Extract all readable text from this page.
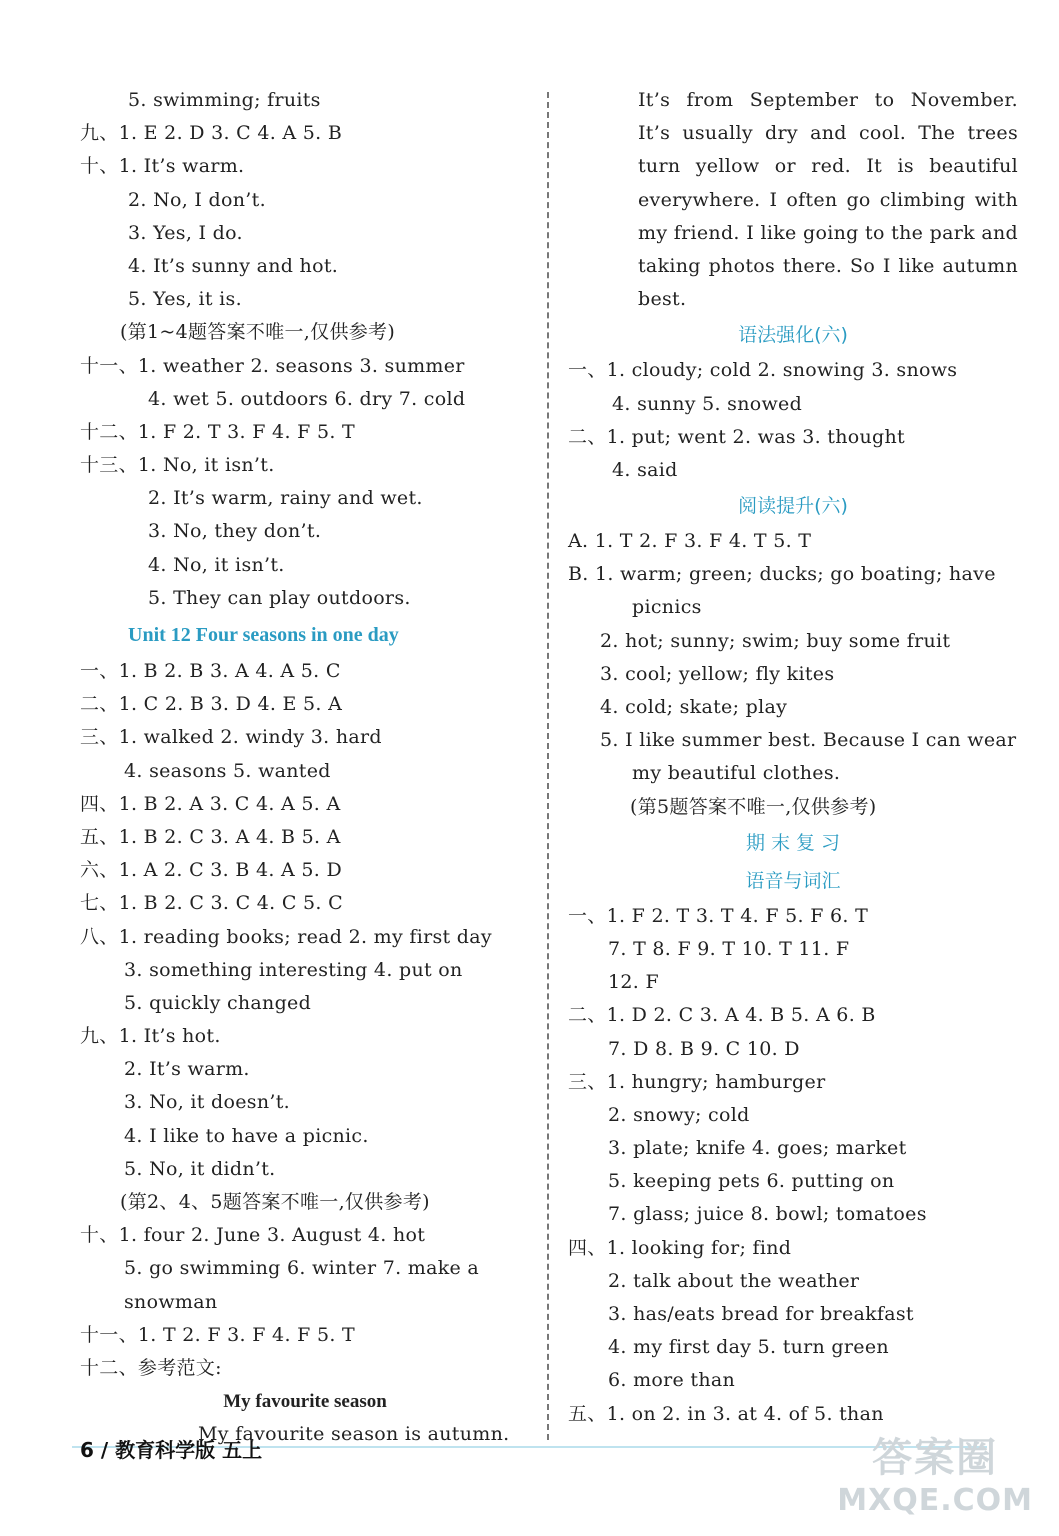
5. swimming; fruits
九、1. E 2. D 3. C 4. A 5. B
十、1. It’s warm.
2. No, I don’t.
3. Yes, I do.
4. It’s sunny and hot.
5. Yes, it is.
(第1~4题答案不唯一,仅供参考)
十一、1. weather 2. seasons 3. summer
4. wet 5. outdoors 6. dry 7. cold
十二、1. F 2. T 3. F 4. F 5. T
十三、1. No, it isn’t.
2. It’s warm, rainy and wet.
3. No, they don’t.
4. No, it isn’t.
5. They can play outdoors.
Unit 12 Four seasons in one day
一、1. B 2. B 3. A 4. A 5. C
二、1. C 2. B 3. D 4. E 5. A
三、1. walked 2. windy 3. hard
4. seasons 5. wanted
四、1. B 2. A 3. C 4. A 5. A
五、1. B 2. C 3. A 4. B 5. A
六、1. A 2. C 3. B 4. A 5. D
七、1. B 2. C 3. C 4. C 5. C
八、1. reading books; read 2. my first day
3. something interesting 4. put on
5. quickly changed
九、1. It’s hot.
2. It’s warm.
3. No, it doesn’t.
4. I like to have a picnic.
5. No, it didn’t.
(第2、4、5题答案不唯一,仅供参考)
十、1. four 2. June 3. August 4. hot
5. go swimming 6. winter 7. make a
snowman
十一、1. T 2. F 3. F 4. F 5. T
十二、参考范文:
My favourite season
My favourite season is autumn.
It’s from September to November.
It’s usually dry and cool. The trees
turn yellow or red. It is beautiful
everywhere. I often go climbing with
my friend. I like going to the park and
taking photos there. So I like autumn
best.
语法强化(六)
一、1. cloudy; cold 2. snowing 3. snows
4. sunny 5. snowed
二、1. put; went 2. was 3. thought
4. said
阅读提升(六)
A. 1. T 2. F 3. F 4. T 5. T
B. 1. warm; green; ducks; go boating; have
picnics
2. hot; sunny; swim; buy some fruit
3. cool; yellow; fly kites
4. cold; skate; play
5. I like summer best. Because I can wear
my beautiful clothes.
(第5题答案不唯一,仅供参考)
期 末 复 习
语音与词汇
一、1. F 2. T 3. T 4. F 5. F 6. T
7. T 8. F 9. T 10. T 11. F
12. F
二、1. D 2. C 3. A 4. B 5. A 6. B
7. D 8. B 9. C 10. D
三、1. hungry; hamburger
2. snowy; cold
3. plate; knife 4. goes; market
5. keeping pets 6. putting on
7. glass; juice 8. bowl; tomatoes
四、1. looking for; find
2. talk about the weather
3. has/eats bread for breakfast
4. my first day 5. turn green
6. more than
五、1. on 2. in 3. at 4. of 5. than
6 / 教育科学版 五上	答案圈
MXQE.COM
